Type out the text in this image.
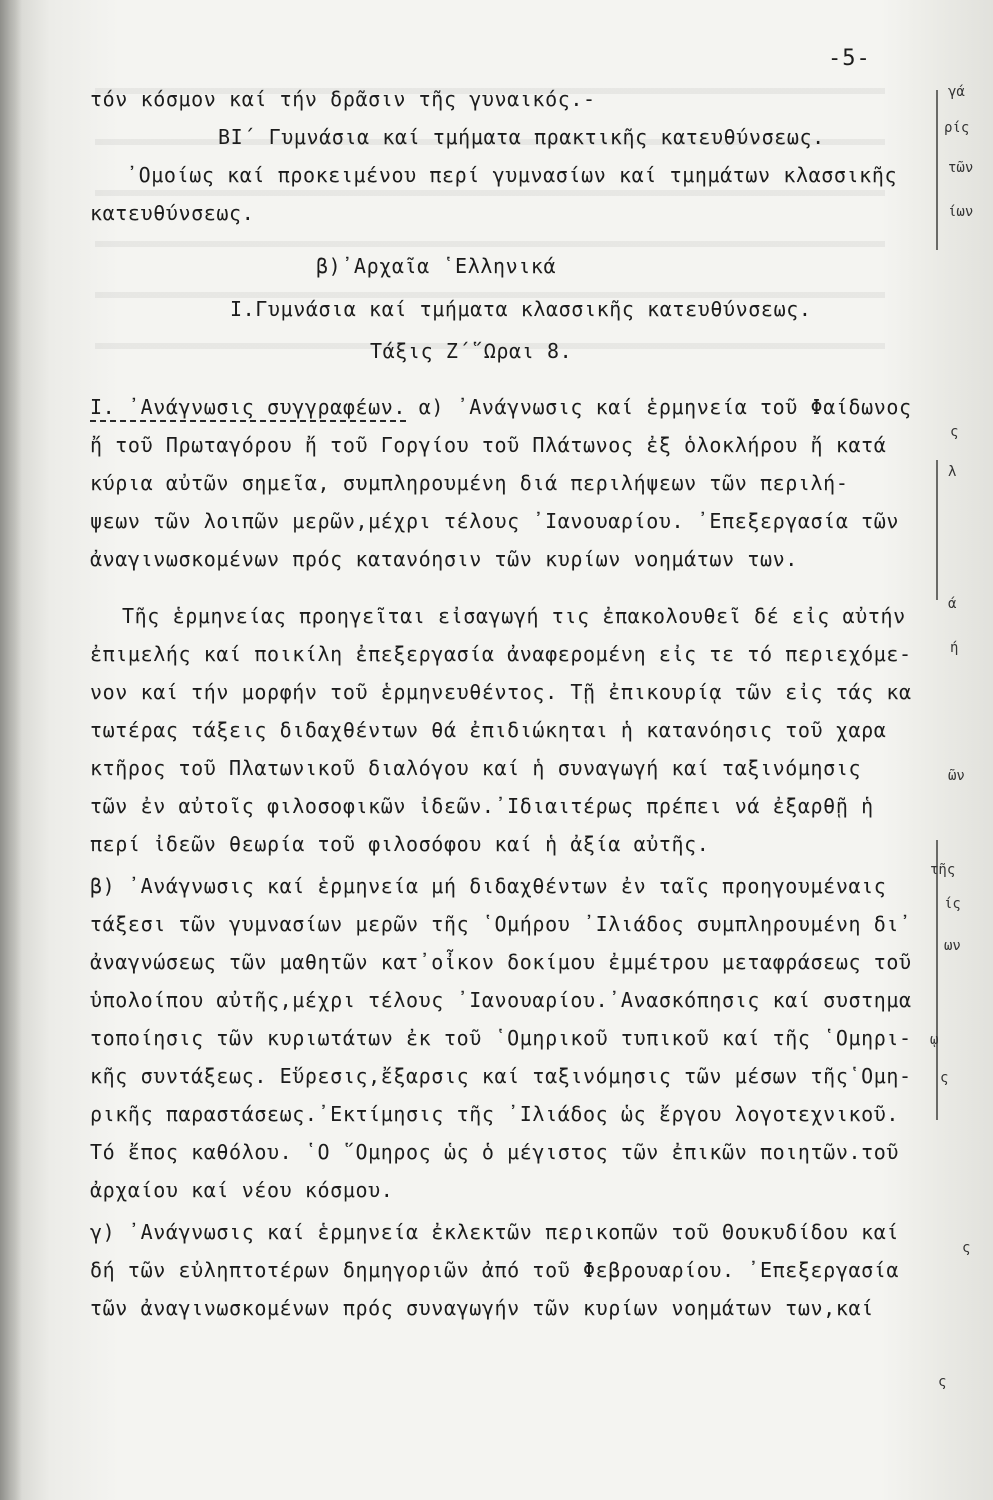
-5-
τόν κόσμον καί τήν δρᾶσιν τῆς γυναικός.-
ΒΙ΄ Γυμνάσια καί τμήματα πρακτικῆς κατευθύνσεως.
᾿Ομοίως καί προκειμένου περί γυμνασίων καί τμημάτων κλασσικῆς
κατευθύνσεως.
β)᾿Αρχαῖα ῾Ελληνικά
Ι.Γυμνάσια καί τμήματα κλασσικῆς κατευθύνσεως.
Τάξις Ζ΄῞Ωραι 8.
Ι. ᾿Ανάγνωσις συγγραφέων. α) ᾿Ανάγνωσις καί ἑρμηνεία τοῦ Φαίδωνος
ἤ τοῦ Πρωταγόρου ἤ τοῦ Γοργίου τοῦ Πλάτωνος ἐξ ὁλοκλήρου ἤ κατά
κύρια αὐτῶν σημεῖα, συμπληρουμένη διά περιλήψεων τῶν περιλή-
ψεων τῶν λοιπῶν μερῶν,μέχρι τέλους ᾿Ιανουαρίου. ᾿Επεξεργασία τῶν
ἀναγινωσκομένων πρός κατανόησιν τῶν κυρίων νοημάτων των.
Τῆς ἑρμηνείας προηγεῖται εἰσαγωγή τις ἐπακολουθεῖ δέ εἰς αὐτήν
ἐπιμελής καί ποικίλη ἐπεξεργασία ἀναφερομένη εἰς τε τό περιεχόμε-
νον καί τήν μορφήν τοῦ ἑρμηνευθέντος. Τῇ ἐπικουρίᾳ τῶν εἰς τάς κα
τωτέρας τάξεις διδαχθέντων θά ἐπιδιώκηται ἡ κατανόησις τοῦ χαρα
κτῆρος τοῦ Πλατωνικοῦ διαλόγου καί ἡ συναγωγή καί ταξινόμησις
τῶν ἐν αὐτοῖς φιλοσοφικῶν ἰδεῶν.᾿Ιδιαιτέρως πρέπει νά ἐξαρθῇ ἡ
περί ἰδεῶν θεωρία τοῦ φιλοσόφου καί ἡ ἀξία αὐτῆς.
β) ᾿Ανάγνωσις καί ἑρμηνεία μή διδαχθέντων ἐν ταῖς προηγουμέναις
τάξεσι τῶν γυμνασίων μερῶν τῆς ῾Ομήρου ᾿Ιλιάδος συμπληρουμένη δι᾿
ἀναγνώσεως τῶν μαθητῶν κατ᾿οἶκον δοκίμου ἐμμέτρου μεταφράσεως τοῦ
ὑπολοίπου αὐτῆς,μέχρι τέλους ᾿Ιανουαρίου.᾿Ανασκόπησις καί συστημα
τοποίησις τῶν κυριωτάτων ἐκ τοῦ ῾Ομηρικοῦ τυπικοῦ καί τῆς ῾Ομηρι-
κῆς συντάξεως. Εὕρεσις,ἔξαρσις καί ταξινόμησις τῶν μέσων τῆς῾Ομη-
ρικῆς παραστάσεως.᾿Εκτίμησις τῆς ᾿Ιλιάδος ὡς ἔργου λογοτεχνικοῦ.
Τό ἔπος καθόλου. ῾Ο ῞Ομηρος ὡς ὁ μέγιστος τῶν ἐπικῶν ποιητῶν.τοῦ
ἀρχαίου καί νέου κόσμου.
γ) ᾿Ανάγνωσις καί ἑρμηνεία ἐκλεκτῶν περικοπῶν τοῦ Θουκυδίδου καί
δή τῶν εὐληπτοτέρων δημηγοριῶν ἀπό τοῦ Φεβρουαρίου. ᾿Επεξεργασία
τῶν ἀναγινωσκομένων πρός συναγωγήν τῶν κυρίων νοημάτων των,καί
γά
ρίς
τῶν
ίων
ς
λ
ά
ή
ῶν
τῆς
ίς
ων
ῳ
ς
ς
ς
